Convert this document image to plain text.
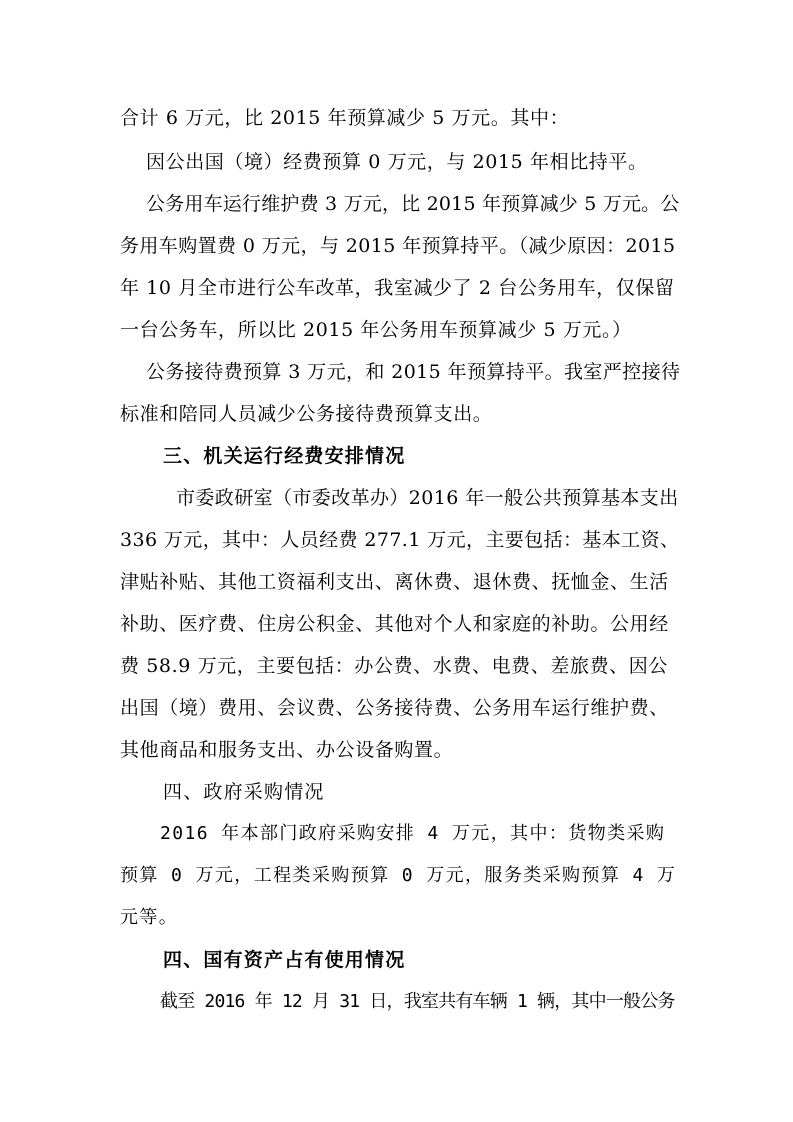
合计 6 万元，比 2015 年预算减少 5 万元。其中：
因公出国（境）经费预算 0 万元，与 2015 年相比持平。
公务用车运行维护费 3 万元，比 2015 年预算减少 5 万元。公
务用车购置费 0 万元，与 2015 年预算持平。（减少原因：2015
年 10 月全市进行公车改革，我室减少了 2 台公务用车，仅保留
一台公务车，所以比 2015 年公务用车预算减少 5 万元。）
公务接待费预算 3 万元，和 2015 年预算持平。我室严控接待
标准和陪同人员减少公务接待费预算支出。
三、机关运行经费安排情况
市委政研室（市委改革办）2016 年一般公共预算基本支出
336 万元，其中：人员经费 277.1 万元，主要包括：基本工资、
津贴补贴、其他工资福利支出、离休费、退休费、抚恤金、生活
补助、医疗费、住房公积金、其他对个人和家庭的补助。公用经
费 58.9 万元，主要包括：办公费、水费、电费、差旅费、因公
出国（境）费用、会议费、公务接待费、公务用车运行维护费、
其他商品和服务支出、办公设备购置。
四、政府采购情况
2016 年本部门政府采购安排 4 万元，其中：货物类采购
预算 0 万元，工程类采购预算 0 万元，服务类采购预算 4 万
元等。
四、国有资产占有使用情况
截至 2016 年 12 月 31 日，我室共有车辆 1 辆，其中一般公务
